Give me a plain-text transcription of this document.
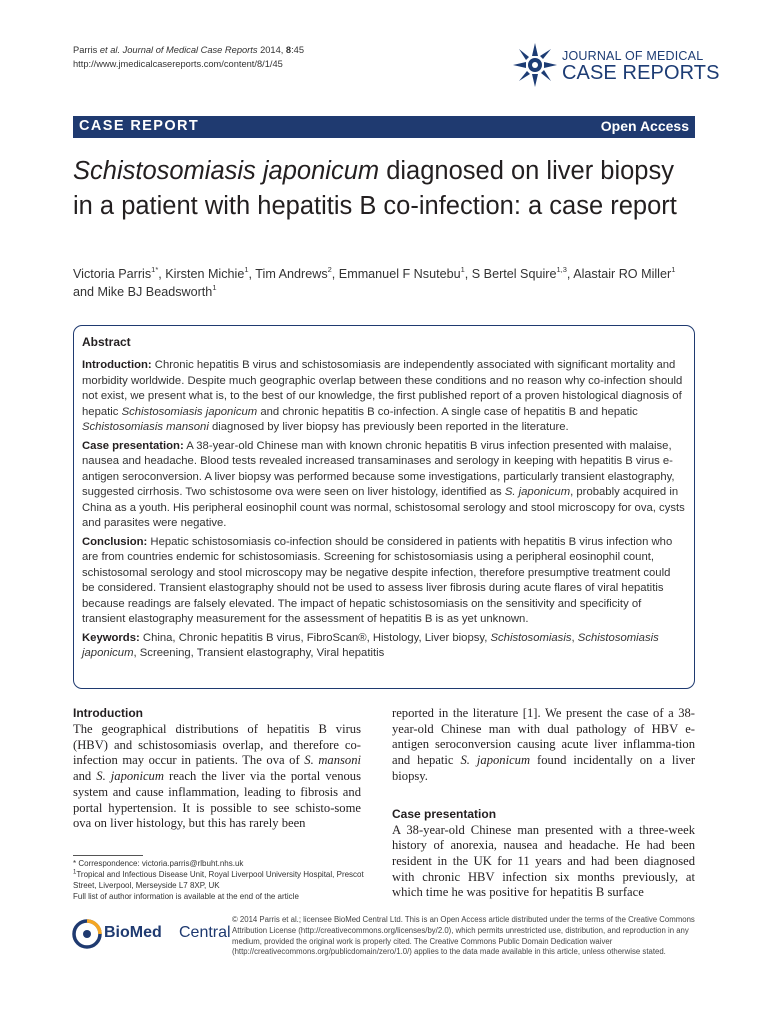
Parris et al. Journal of Medical Case Reports 2014, 8:45
http://www.jmedicalcasereports.com/content/8/1/45
JOURNAL OF MEDICAL
CASE REPORTS
CASE REPORT	Open Access
Schistosomiasis japonicum diagnosed on liver biopsy in a patient with hepatitis B co-infection: a case report
Victoria Parris$^{1*}$, Kirsten Michie$^1$, Tim Andrews$^2$, Emmanuel F Nsutebu$^1$, S Bertel Squire$^{1,3}$, Alastair RO Miller$^1$
and Mike BJ Beadsworth$^1$
Abstract

Introduction: Chronic hepatitis B virus and schistosomiasis are independently associated with significant mortality and morbidity worldwide. Despite much geographic overlap between these conditions and no reason why co-infection should not exist, we present what is, to the best of our knowledge, the first published report of a proven histological diagnosis of hepatic Schistosomiasis japonicum and chronic hepatitis B co-infection. A single case of hepatitis B and hepatic Schistosomiasis mansoni diagnosed by liver biopsy has previously been reported in the literature.

Case presentation: A 38-year-old Chinese man with known chronic hepatitis B virus infection presented with malaise, nausea and headache. Blood tests revealed increased transaminases and serology in keeping with hepatitis B virus e-antigen seroconversion. A liver biopsy was performed because some investigations, particularly transient elastography, suggested cirrhosis. Two schistosome ova were seen on liver histology, identified as S. japonicum, probably acquired in China as a youth. His peripheral eosinophil count was normal, schistosomal serology and stool microscopy for ova, cysts and parasites were negative.

Conclusion: Hepatic schistosomiasis co-infection should be considered in patients with hepatitis B virus infection who are from countries endemic for schistosomiasis. Screening for schistosomiasis using a peripheral eosinophil count, schistosomal serology and stool microscopy may be negative despite infection, therefore presumptive treatment could be considered. Transient elastography should not be used to assess liver fibrosis during acute flares of viral hepatitis because readings are falsely elevated. The impact of hepatic schistosomiasis on the sensitivity and specificity of transient elastography measurement for the assessment of hepatitis B is as yet unknown.

Keywords: China, Chronic hepatitis B virus, FibroScan®, Histology, Liver biopsy, Schistosomiasis, Schistosomiasis japonicum, Screening, Transient elastography, Viral hepatitis

Introduction
The geographical distributions of hepatitis B virus (HBV) and schistosomiasis overlap, and therefore co-infection may occur in patients. The ova of S. mansoni and S. japonicum reach the liver via the portal venous system and cause inflammation, leading to fibrosis and portal hypertension. It is possible to see schisto-some ova on liver histology, but this has rarely been
reported in the literature [1]. We present the case of a 38-year-old Chinese man with dual pathology of HBV e-antigen seroconversion causing acute liver inflamma-tion and hepatic S. japonicum found incidentally on a liver biopsy.
Case presentation
A 38-year-old Chinese man presented with a three-week history of anorexia, nausea and headache. He had been resident in the UK for 11 years and had been diagnosed with chronic HBV infection six months previously, at which time he was positive for hepatitis B surface
* Correspondence: victoria.parris@rlbuht.nhs.uk
$^1$Tropical and Infectious Disease Unit, Royal Liverpool University Hospital, Prescot Street, Liverpool, Merseyside L7 8XP, UK
Full list of author information is available at the end of the article
BioMed Central
© 2014 Parris et al.; licensee BioMed Central Ltd. This is an Open Access article distributed under the terms of the Creative Commons Attribution License (http://creativecommons.org/licenses/by/2.0), which permits unrestricted use, distribution, and reproduction in any medium, provided the original work is properly cited. The Creative Commons Public Domain Dedication waiver (http://creativecommons.org/publicdomain/zero/1.0/) applies to the data made available in this article, unless otherwise stated.
